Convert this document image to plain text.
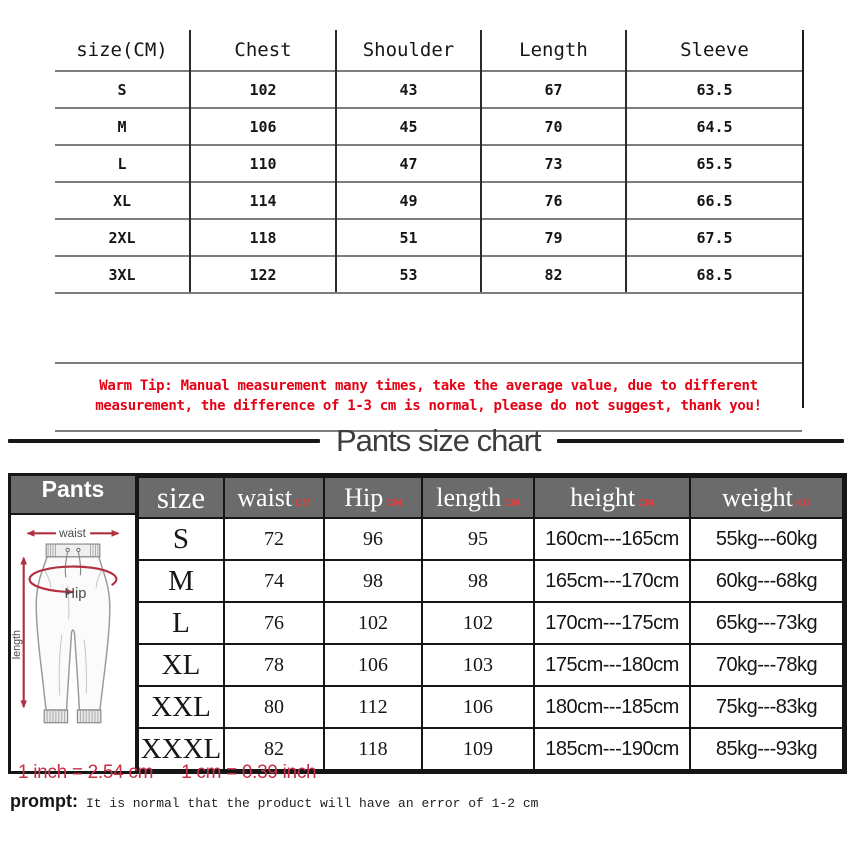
size(CM)	Chest	Shoulder	Length	Sleeve
S	102	43	67	63.5
M	106	45	70	64.5
L	110	47	73	65.5
XL	114	49	76	66.5
2XL	118	51	79	67.5
3XL	122	53	82	68.5
Warm Tip: Manual measurement many times, take the average value, due to different
measurement, the difference of 1-3 cm is normal, please do not suggest, thank you!
Pants size chart
Pants
waist
length
Hip
size	waist CM	Hip CM	length CM	height CM	weight KG
S	72	96	95	160cm---165cm	55kg---60kg
M	74	98	98	165cm---170cm	60kg---68kg
L	76	102	102	170cm---175cm	65kg---73kg
XL	78	106	103	175cm---180cm	70kg---78kg
XXL	80	112	106	180cm---185cm	75kg---83kg
XXXL	82	118	109	185cm---190cm	85kg---93kg
1 inch = 2.54 cm 1 cm = 0.39 inch
prompt: It is normal that the product will have an error of 1-2 cm
